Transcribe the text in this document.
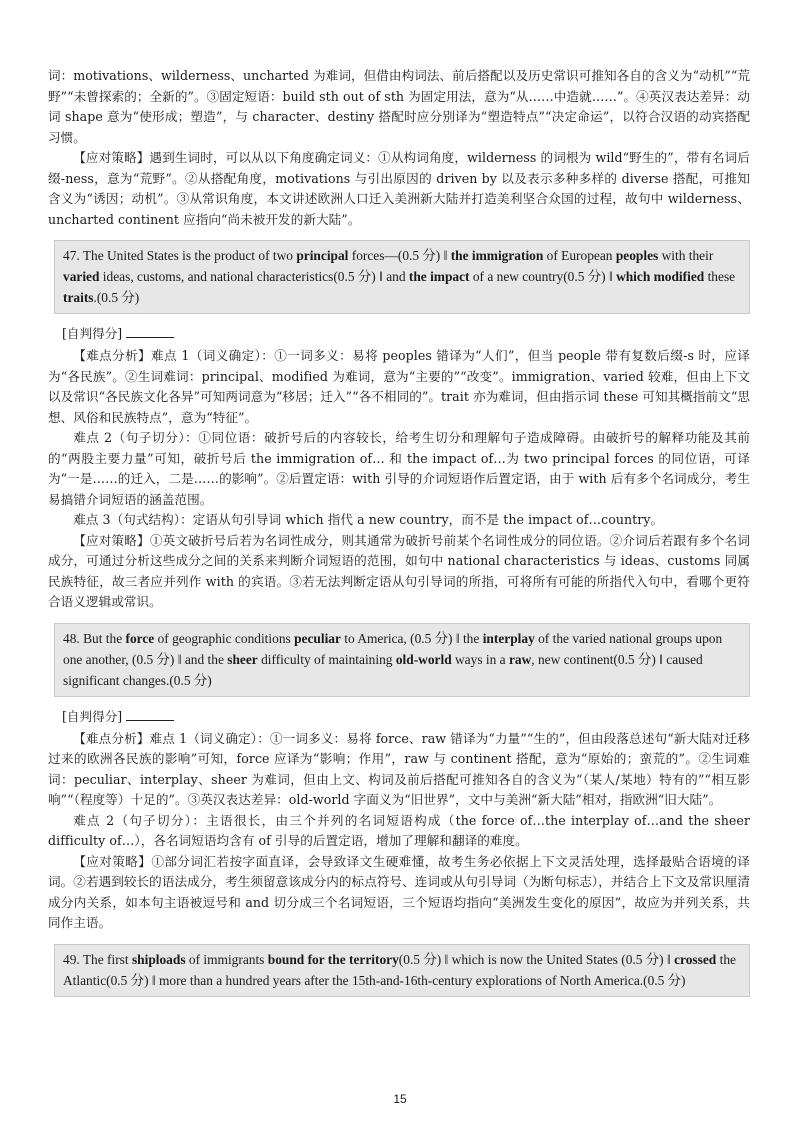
词：motivations、wilderness、uncharted 为难词，但借由构词法、前后搭配以及历史常识可推知各自的含义为“动机”“荒野”“未曾探索的；全新的”。③固定短语：build sth out of sth 为固定用法，意为“从……中造就……”。④英汉表达差异：动词 shape 意为“使形成；塑造”，与 character、destiny 搭配时应分别译为“塑造特点”“决定命运”，以符合汉语的动宾搭配习惯。

【应对策略】遇到生词时，可以从以下角度确定词义：①从构词角度，wilderness 的词根为 wild“野生的”，带有名词后缀-ness，意为“荒野”。②从搭配角度，motivations 与引出原因的 driven by 以及表示多种多样的 diverse 搭配，可推知含义为“诱因；动机”。③从常识角度，本文讲述欧洲人口迁入美洲新大陆并打造美利坚合众国的过程，故句中 wilderness、uncharted continent 应指向“尚未被开发的新大陆”。

47. The United States is the product of two principal forces—(0.5 分) ‖ the immigration of European peoples with their varied ideas, customs, and national characteristics(0.5 分) ‖ and the impact of a new country(0.5 分) ‖ which modified these traits.(0.5 分)
[自判得分]

【难点分析】难点 1（词义确定）：①一词多义：易将 peoples 错译为“人们”，但当 people 带有复数后缀-s 时，应译为“各民族”。②生词难词：principal、modified 为难词，意为“主要的”“改变”。immigration、varied 较难，但由上下文以及常识“各民族文化各异”可知两词意为“移居；迁入”“各不相同的”。trait 亦为难词，但由指示词 these 可知其概指前文“思想、风俗和民族特点”，意为“特征”。

难点 2（句子切分）：①同位语：破折号后的内容较长，给考生切分和理解句子造成障碍。由破折号的解释功能及其前的“两股主要力量”可知，破折号后 the immigration of… 和 the impact of…为 two principal forces 的同位语，可译为“一是……的迁入，二是……的影响”。②后置定语：with 引导的介词短语作后置定语，由于 with 后有多个名词成分，考生易搞错介词短语的涵盖范围。

难点 3（句式结构）：定语从句引导词 which 指代 a new country，而不是 the impact of…country。

【应对策略】①英文破折号后若为名词性成分，则其通常为破折号前某个名词性成分的同位语。②介词后若跟有多个名词成分，可通过分析这些成分之间的关系来判断介词短语的范围，如句中 national characteristics 与 ideas、customs 同属民族特征，故三者应并列作 with 的宾语。③若无法判断定语从句引导词的所指，可将所有可能的所指代入句中，看哪个更符合语义逻辑或常识。

48. But the force of geographic conditions peculiar to America, (0.5 分) ‖ the interplay of the varied national groups upon one another, (0.5 分) ‖ and the sheer difficulty of maintaining old-world ways in a raw, new continent(0.5 分) ‖ caused significant changes.(0.5 分)
[自判得分]

【难点分析】难点 1（词义确定）：①一词多义：易将 force、raw 错译为“力量”“生的”，但由段落总述句“新大陆对迁移过来的欧洲各民族的影响”可知，force 应译为“影响；作用”，raw 与 continent 搭配，意为“原始的；蛮荒的”。②生词难词：peculiar、interplay、sheer 为难词，但由上文、构词及前后搭配可推知各自的含义为“（某人/某地）特有的”“相互影响”“（程度等）十足的”。③英汉表达差异：old-world 字面义为“旧世界”，文中与美洲“新大陆”相对，指欧洲“旧大陆”。

难点 2（句子切分）：主语很长，由三个并列的名词短语构成（the force of…the interplay of…and the sheer difficulty of…），各名词短语均含有 of 引导的后置定语，增加了理解和翻译的难度。

【应对策略】①部分词汇若按字面直译，会导致译文生硬难懂，故考生务必依据上下文灵活处理，选择最贴合语境的译词。②若遇到较长的语法成分，考生须留意该成分内的标点符号、连词或从句引导词（为断句标志），并结合上下文及常识厘清成分内关系，如本句主语被逗号和 and 切分成三个名词短语，三个短语均指向“美洲发生变化的原因”，故应为并列关系，共同作主语。

49. The first shiploads of immigrants bound for the territory(0.5 分) ‖ which is now the United States (0.5 分) ‖ crossed the Atlantic(0.5 分) ‖ more than a hundred years after the 15th-and-16th-century explorations of North America.(0.5 分)
15
